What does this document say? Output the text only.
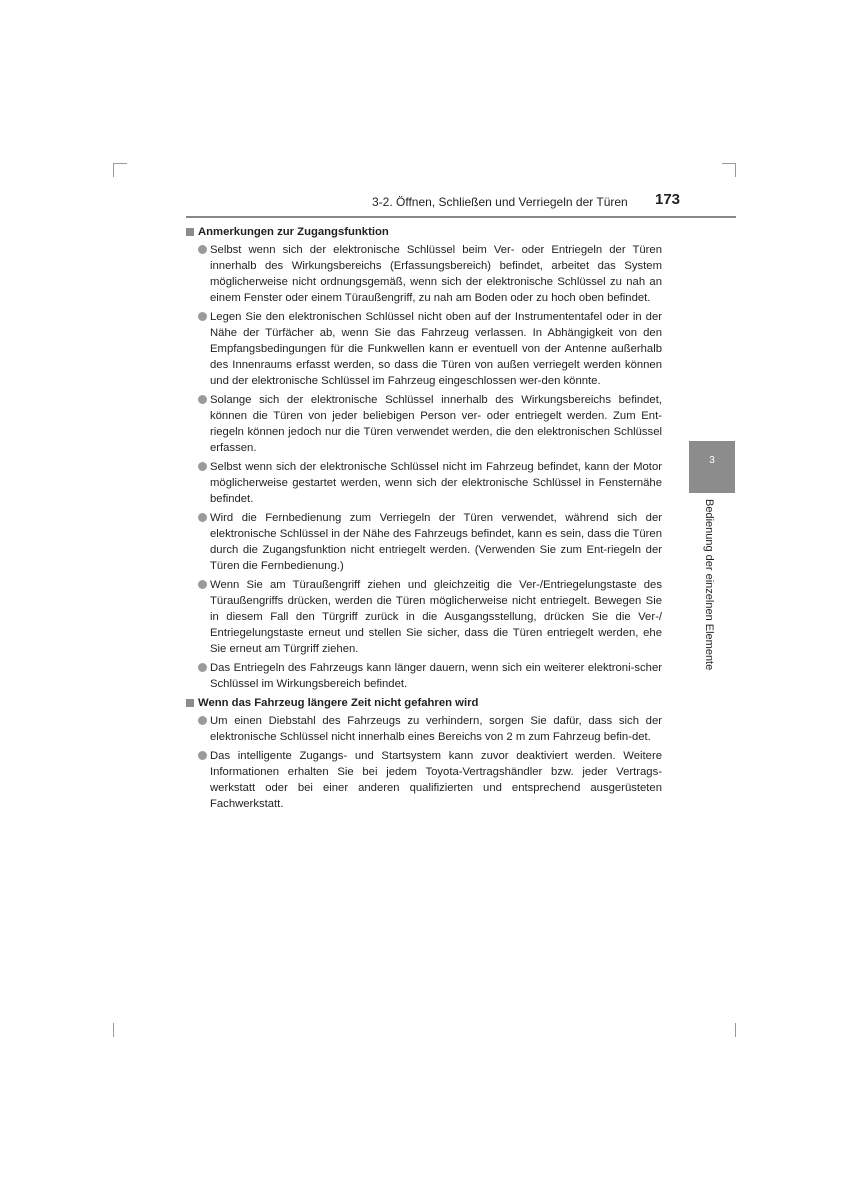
3-2. Öffnen, Schließen und Verriegeln der Türen 173
Anmerkungen zur Zugangsfunktion
Selbst wenn sich der elektronische Schlüssel beim Ver- oder Entriegeln der Türen innerhalb des Wirkungsbereichs (Erfassungsbereich) befindet, arbeitet das System möglicherweise nicht ordnungsgemäß, wenn sich der elektronische Schlüssel zu nah an einem Fenster oder einem Türaußengriff, zu nah am Boden oder zu hoch oben befindet.
Legen Sie den elektronischen Schlüssel nicht oben auf der Instrumententafel oder in der Nähe der Türfächer ab, wenn Sie das Fahrzeug verlassen. In Abhängigkeit von den Empfangsbedingungen für die Funkwellen kann er eventuell von der Antenne außerhalb des Innenraums erfasst werden, so dass die Türen von außen verriegelt werden können und der elektronische Schlüssel im Fahrzeug eingeschlossen wer-den könnte.
Solange sich der elektronische Schlüssel innerhalb des Wirkungsbereichs befindet, können die Türen von jeder beliebigen Person ver- oder entriegelt werden. Zum Ent-riegeln können jedoch nur die Türen verwendet werden, die den elektronischen Schlüssel erfassen.
Selbst wenn sich der elektronische Schlüssel nicht im Fahrzeug befindet, kann der Motor möglicherweise gestartet werden, wenn sich der elektronische Schlüssel in Fensternähe befindet.
Wird die Fernbedienung zum Verriegeln der Türen verwendet, während sich der elektronische Schlüssel in der Nähe des Fahrzeugs befindet, kann es sein, dass die Türen durch die Zugangsfunktion nicht entriegelt werden. (Verwenden Sie zum Ent-riegeln der Türen die Fernbedienung.)
Wenn Sie am Türaußengriff ziehen und gleichzeitig die Ver-/Entriegelungstaste des Türaußengriffs drücken, werden die Türen möglicherweise nicht entriegelt. Bewegen Sie in diesem Fall den Türgriff zurück in die Ausgangsstellung, drücken Sie die Ver-/ Entriegelungstaste erneut und stellen Sie sicher, dass die Türen entriegelt werden, ehe Sie erneut am Türgriff ziehen.
Das Entriegeln des Fahrzeugs kann länger dauern, wenn sich ein weiterer elektroni-scher Schlüssel im Wirkungsbereich befindet.
Wenn das Fahrzeug längere Zeit nicht gefahren wird
Um einen Diebstahl des Fahrzeugs zu verhindern, sorgen Sie dafür, dass sich der elektronische Schlüssel nicht innerhalb eines Bereichs von 2 m zum Fahrzeug befin-det.
Das intelligente Zugangs- und Startsystem kann zuvor deaktiviert werden. Weitere Informationen erhalten Sie bei jedem Toyota-Vertragshändler bzw. jeder Vertrags-werkstatt oder bei einer anderen qualifizierten und entsprechend ausgerüsteten Fachwerkstatt.
3
Bedienung der einzelnen Elemente
